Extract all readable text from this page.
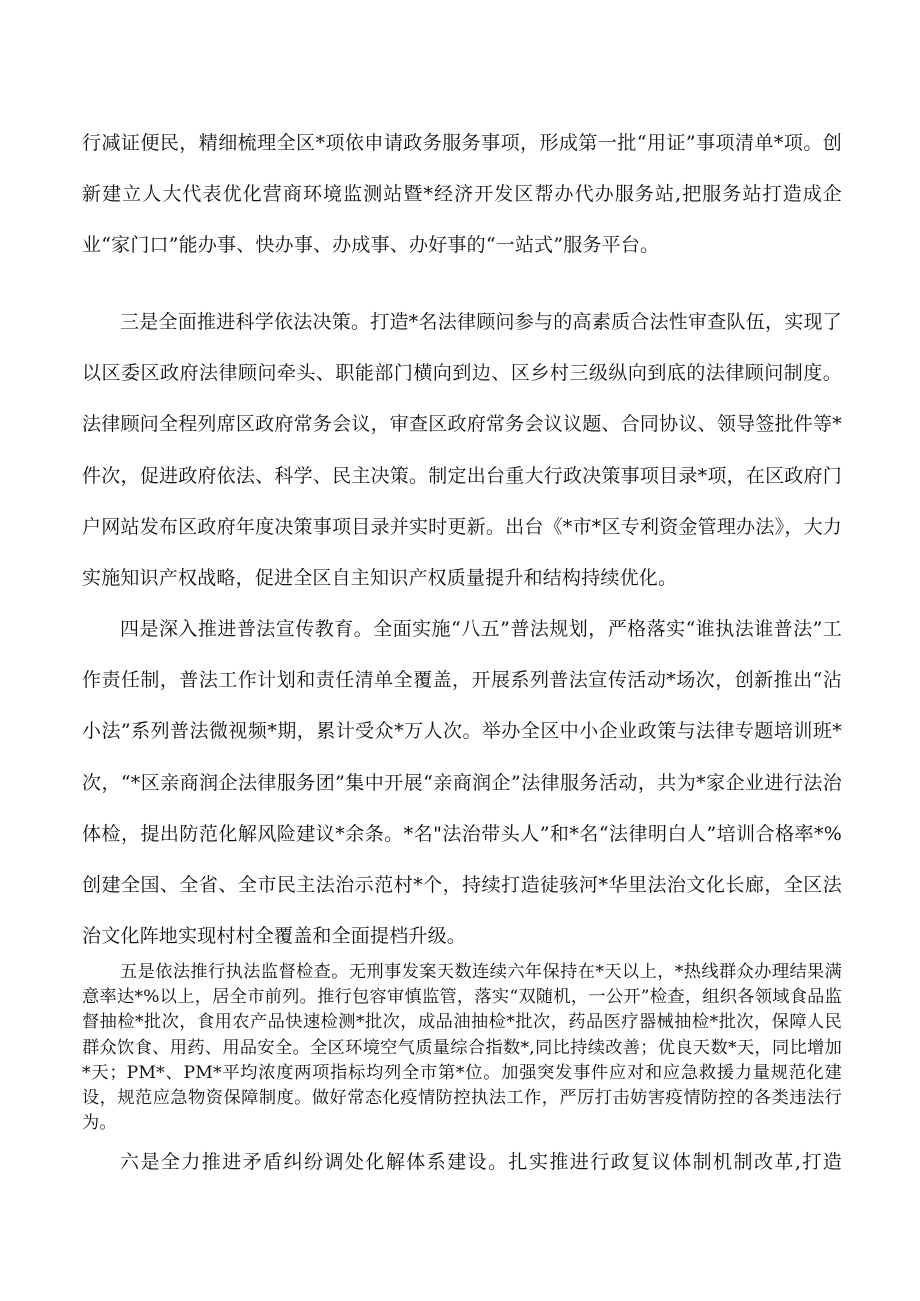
行减证便民，精细梳理全区*项依申请政务服务事项，形成第一批“用证”事项清单*项。创新建立人大代表优化营商环境监测站暨*经济开发区帮办代办服务站,把服务站打造成企业“家门口”能办事、快办事、办成事、办好事的“一站式”服务平台。

三是全面推进科学依法决策。打造*名法律顾问参与的高素质合法性审查队伍，实现了以区委区政府法律顾问牵头、职能部门横向到边、区乡村三级纵向到底的法律顾问制度。法律顾问全程列席区政府常务会议，审查区政府常务会议议题、合同协议、领导签批件等*件次，促进政府依法、科学、民主决策。制定出台重大行政决策事项目录*项，在区政府门户网站发布区政府年度决策事项目录并实时更新。出台《*市*区专利资金管理办法》，大力实施知识产权战略，促进全区自主知识产权质量提升和结构持续优化。

四是深入推进普法宣传教育。全面实施“八五”普法规划，严格落实“谁执法谁普法”工作责任制，普法工作计划和责任清单全覆盖，开展系列普法宣传活动*场次，创新推出“沾小法”系列普法微视频*期，累计受众*万人次。举办全区中小企业政策与法律专题培训班*次，“*区亲商润企法律服务团”集中开展“亲商润企”法律服务活动，共为*家企业进行法治体检，提出防范化解风险建议*余条。*名"法治带头人”和*名“法律明白人”培训合格率*%创建全国、全省、全市民主法治示范村*个，持续打造徒骇河*华里法治文化长廊，全区法治文化阵地实现村村全覆盖和全面提档升级。

五是依法推行执法监督检查。无刑事发案天数连续六年保持在*天以上，*热线群众办理结果满意率达*%以上，居全市前列。推行包容审慎监管，落实“双随机，一公开”检查，组织各领域食品监督抽检*批次，食用农产品快速检测*批次，成品油抽检*批次，药品医疗器械抽检*批次，保障人民群众饮食、用药、用品安全。全区环境空气质量综合指数*,同比持续改善；优良天数*天，同比增加*天；PM*、PM*平均浓度两项指标均列全市第*位。加强突发事件应对和应急救援力量规范化建设，规范应急物资保障制度。做好常态化疫情防控执法工作，严厉打击妨害疫情防控的各类违法行为。

六是全力推进矛盾纠纷调处化解体系建设。扎实推进行政复议体制机制改革,打造
